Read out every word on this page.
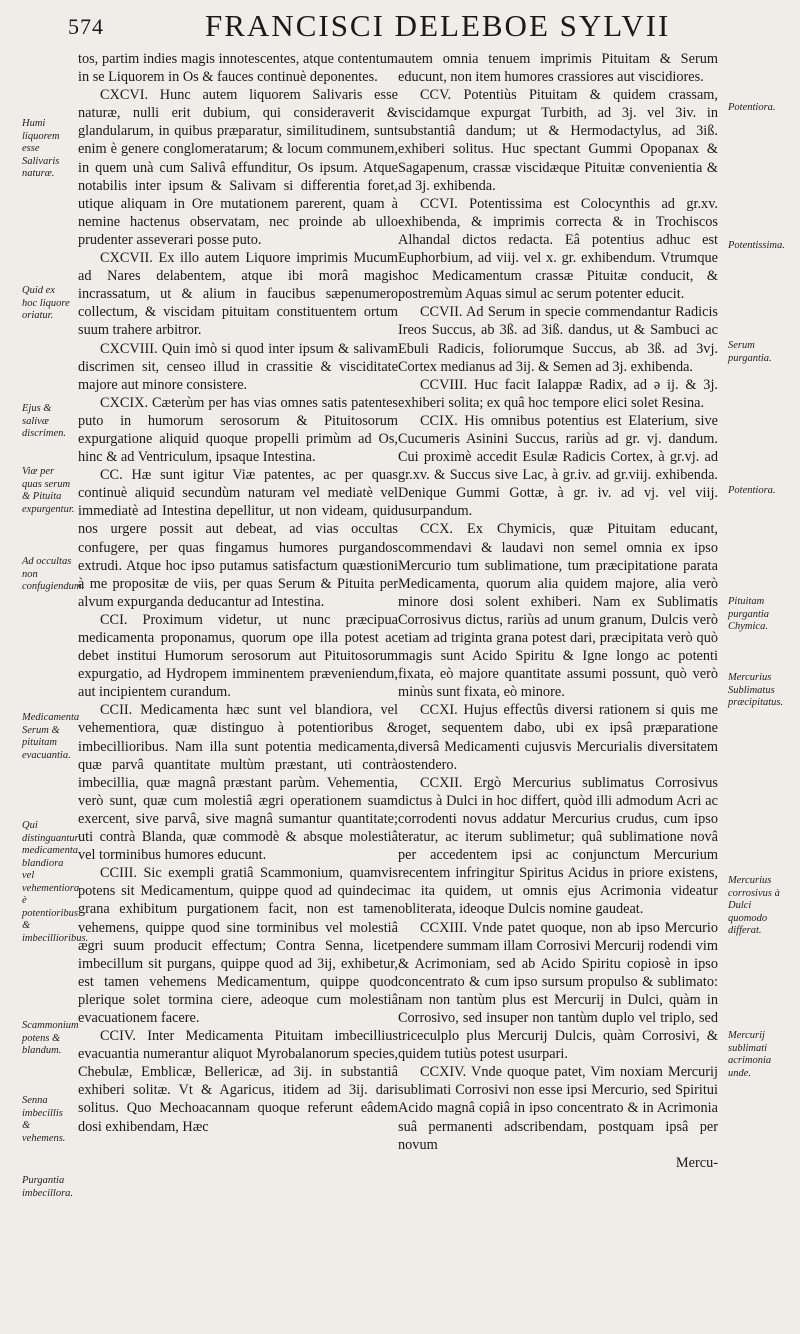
574	FRANCISCI DELEBOE SYLVII

tos, partim indies magis innotescentes, atque contentum in se Liquorem in Os & fauces continuè deponentes.

CXCVI. Hunc autem liquorem Salivaris esse naturæ, nulli erit dubium, qui consideraverit & glandularum, in quibus præparatur, similitudinem, sunt enim è genere conglomeratarum; & locum communem, in quem unà cum Salivâ effunditur, Os ipsum. Atque notabilis inter ipsum & Salivam si differentia foret, utique aliquam in Ore mutationem parerent, quam à nemine hactenus observatam, nec proinde ab ullo prudenter asseverari posse puto.

CXCVII. Ex illo autem Liquore imprimis Mucum ad Nares delabentem, atque ibi morâ magis incrassatum, ut & alium in faucibus sæpenumero collectum, & viscidam pituitam constituentem ortum suum trahere arbitror.

CXCVIII. Quin imò si quod inter ipsum & salivam discrimen sit, censeo illud in crassitie & visciditate majore aut minore consistere.

CXCIX. Cæterùm per has vias omnes satis patentes puto in humorum serosorum & Pituitosorum expurgatione aliquid quoque propelli primùm ad Os, hinc & ad Ventriculum, ipsaque Intestina.

CC. Hæ sunt igitur Viæ patentes, ac per quas continuè aliquid secundùm naturam vel mediatè vel immediatè ad Intestina depellitur, ut non videam, quid nos urgere possit aut debeat, ad vias occultas confugere, per quas fingamus humores purgandos extrudi. Atque hoc ipso putamus satisfactum quæstioni à me propositæ de viis, per quas Serum & Pituita per alvum expurganda deducantur ad Intestina.

CCI. Proximum videtur, ut nunc præcipua medicamenta proponamus, quorum ope illa potest ac debet institui Humorum serosorum aut Pituitosorum expurgatio, ad Hydropem imminentem præveniendum, aut incipientem curandum.

CCII. Medicamenta hæc sunt vel blandiora, vel vehementiora, quæ distinguo à potentioribus & imbecillioribus. Nam illa sunt potentia medicamenta, quæ parvâ quantitate multùm præstant, uti contrà imbecillia, quæ magnâ præstant parùm. Vehementia, verò sunt, quæ cum molestiâ ægri operationem suam exercent, sive parvâ, sive magnâ sumantur quantitate; uti contrà Blanda, quæ commodè & absque molestiâ vel torminibus humores educunt.

CCIII. Sic exempli gratiâ Scammonium, quamvis potens sit Medicamentum, quippe quod ad quindecim grana exhibitum purgationem facit, non est tamen vehemens, quippe quod sine torminibus vel molestiâ ægri suum producit effectum; Contra Senna, licet imbecillum sit purgans, quippe quod ad 3ij, exhibetur, est tamen vehemens Medicamentum, quippe quod plerique solet tormina ciere, adeoque cum molestiâ evacuationem facere.

CCIV. Inter Medicamenta Pituitam imbecillius evacuantia numerantur aliquot Myrobalanorum species, Chebulæ, Emblicæ, Bellericæ, ad 3ij. in substantiâ exhiberi solitæ. Vt & Agaricus, itidem ad 3ij. dari solitus. Quo Mechoacannam quoque referunt eâdem dosi exhibendam, Hæc

autem omnia tenuem imprimis Pituitam & Serum educunt, non item humores crassiores aut viscidiores.

CCV. Potentiùs Pituitam & quidem crassam, viscidamque expurgat Turbith, ad 3j. vel 3iv. in substantiâ dandum; ut & Hermodactylus, ad 3iß. exhiberi solitus. Huc spectant Gummi Opopanax & Sagapenum, crassæ viscidæque Pituitæ convenientia & ad 3j. exhibenda.

CCVI. Potentissima est Colocynthis ad gr.xv. exhibenda, & imprimis correcta & in Trochiscos Alhandal dictos redacta. Eâ potentius adhuc est Euphorbium, ad viij. vel x. gr. exhibendum. Vtrumque hoc Medicamentum crassæ Pituitæ conducit, & postremùm Aquas simul ac serum potenter educit.

CCVII. Ad Serum in specie commendantur Radicis Ireos Succus, ab 3ß. ad 3iß. dandus, ut & Sambuci ac Ebuli Radicis, foliorumque Succus, ab 3ß. ad 3vj. Cortex medianus ad 3ij. & Semen ad 3j. exhibenda.

CCVIII. Huc facit Ialappæ Radix, ad ə ij. & 3j. exhiberi solita; ex quâ hoc tempore elici solet Resina.

CCIX. His omnibus potentius est Elaterium, sive Cucumeris Asinini Succus, rariùs ad gr. vj. dandum. Cui proximè accedit Esulæ Radicis Cortex, à gr.vj. ad gr.xv. & Succus sive Lac, à gr.iv. ad gr.viij. exhibenda. Denique Gummi Gottæ, à gr. iv. ad vj. vel viij. usurpandum.

CCX. Ex Chymicis, quæ Pituitam educant, commendavi & laudavi non semel omnia ex ipso Mercurio tum sublimatione, tum præcipitatione parata Medicamenta, quorum alia quidem majore, alia verò minore dosi solent exhiberi. Nam ex Sublimatis Corrosivus dictus, rariùs ad unum granum, Dulcis verò etiam ad triginta grana potest dari, præcipitata verò quò magis sunt Acido Spiritu & Igne longo ac potenti fixata, eò majore quantitate assumi possunt, quò verò minùs sunt fixata, eò minore.

CCXI. Hujus effectûs diversi rationem si quis me roget, sequentem dabo, ubi ex ipsâ præparatione diversâ Medicamenti cujusvis Mercurialis diversitatem ostendero.

CCXII. Ergò Mercurius sublimatus Corrosivus dictus à Dulci in hoc differt, quòd illi admodum Acri ac corrodenti novus addatur Mercurius crudus, cum ipso teratur, ac iterum sublimetur; quâ sublimatione novâ per accedentem ipsi ac conjunctum Mercurium recentem infringitur Spiritus Acidus in priore existens, ac ita quidem, ut omnis ejus Acrimonia videatur obliterata, ideoque Dulcis nomine gaudeat.

CCXIII. Vnde patet quoque, non ab ipso Mercurio pendere summam illam Corrosivi Mercurij rodendi vim & Acrimoniam, sed ab Acido Spiritu copiosè in ipso concentrato & cum ipso sursum propulso & sublimato: nam non tantùm plus est Mercurij in Dulci, quàm in Corrosivo, sed insuper non tantùm duplo vel triplo, sed triceculplo plus Mercurij Dulcis, quàm Corrosivi, & quidem tutiùs potest usurpari.

CCXIV. Vnde quoque patet, Vim noxiam Mercurij sublimati Corrosivi non esse ipsi Mercurio, sed Spiritui Acido magnâ copiâ in ipso concentrato & in Acrimonia suâ permanenti adscribendam, postquam ipsâ per novum

Mercu-

Humi liquorem esse Salivaris naturæ.
Quid ex hoc liquore oriatur.
Ejus & salivæ discrimen.
Viæ per quas serum & Pituita expurgentur.
Ad occultas non confugiendum.
Medicamenta Serum & pituitam evacuantia.
Qui distinguantur medicamenta blandiora vel vehementiora è potentioribus & imbecillioribus.
Scammonium potens & blandum.
Senna imbecillis & vehemens.
Purgantia imbecillora.
Potentiora.
Potentissima.
Serum purgantia.
Potentiora.
Pituitam purgantia Chymica.
Mercurius Sublimatus præcipitatus.
Mercurius corrosivus à Dulci quomodo differat.
Mercurij sublimati acrimonia unde.
